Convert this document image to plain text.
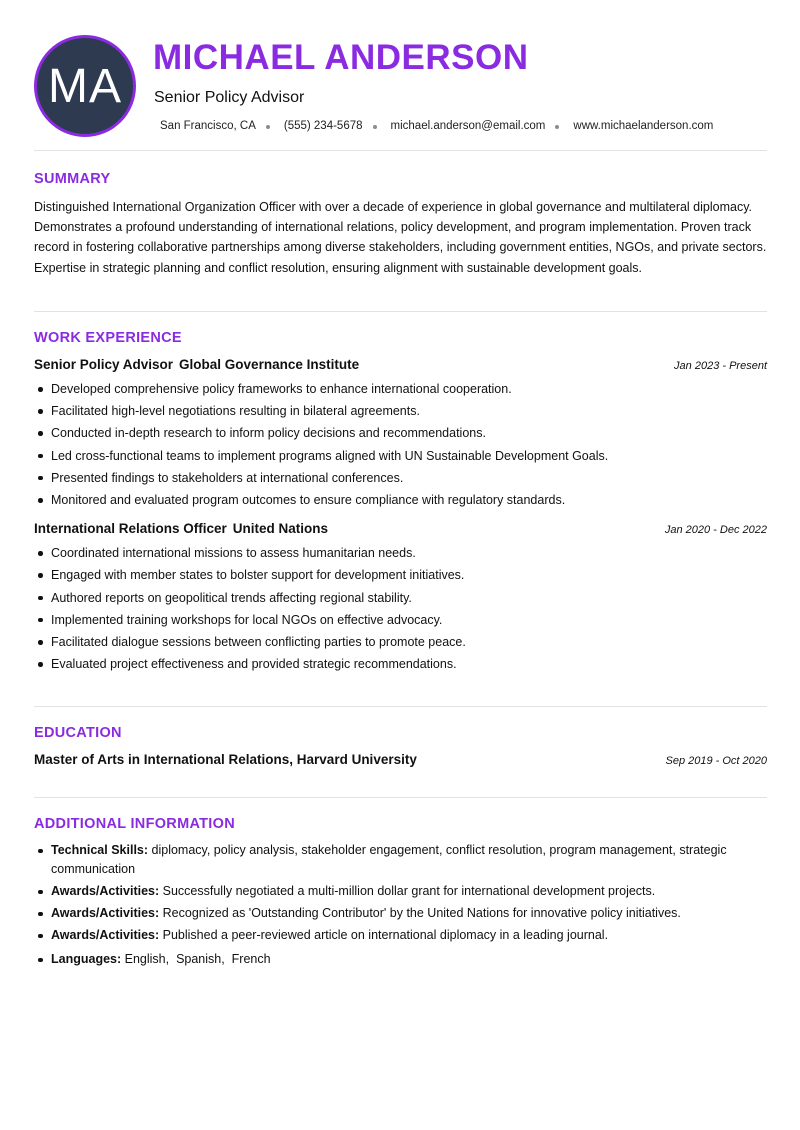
MA
MICHAEL ANDERSON
Senior Policy Advisor
San Francisco, CA (555) 234-5678 michael.anderson@email.com www.michaelanderson.com
SUMMARY
Distinguished International Organization Officer with over a decade of experience in global governance and multilateral diplomacy. Demonstrates a profound understanding of international relations, policy development, and program implementation. Proven track record in fostering collaborative partnerships among diverse stakeholders, including government entities, NGOs, and private sectors. Expertise in strategic planning and conflict resolution, ensuring alignment with sustainable development goals.
WORK EXPERIENCE
Senior Policy Advisor Global Governance Institute	Jan 2023 - Present
Developed comprehensive policy frameworks to enhance international cooperation.
Facilitated high-level negotiations resulting in bilateral agreements.
Conducted in-depth research to inform policy decisions and recommendations.
Led cross-functional teams to implement programs aligned with UN Sustainable Development Goals.
Presented findings to stakeholders at international conferences.
Monitored and evaluated program outcomes to ensure compliance with regulatory standards.
International Relations Officer United Nations	Jan 2020 - Dec 2022
Coordinated international missions to assess humanitarian needs.
Engaged with member states to bolster support for development initiatives.
Authored reports on geopolitical trends affecting regional stability.
Implemented training workshops for local NGOs on effective advocacy.
Facilitated dialogue sessions between conflicting parties to promote peace.
Evaluated project effectiveness and provided strategic recommendations.
EDUCATION
Master of Arts in International Relations, Harvard University	Sep 2019 - Oct 2020
ADDITIONAL INFORMATION
Technical Skills: diplomacy, policy analysis, stakeholder engagement, conflict resolution, program management, strategic communication
Awards/Activities: Successfully negotiated a multi-million dollar grant for international development projects.
Awards/Activities: Recognized as 'Outstanding Contributor' by the United Nations for innovative policy initiatives.
Awards/Activities: Published a peer-reviewed article on international diplomacy in a leading journal.
Languages: English , Spanish , French
